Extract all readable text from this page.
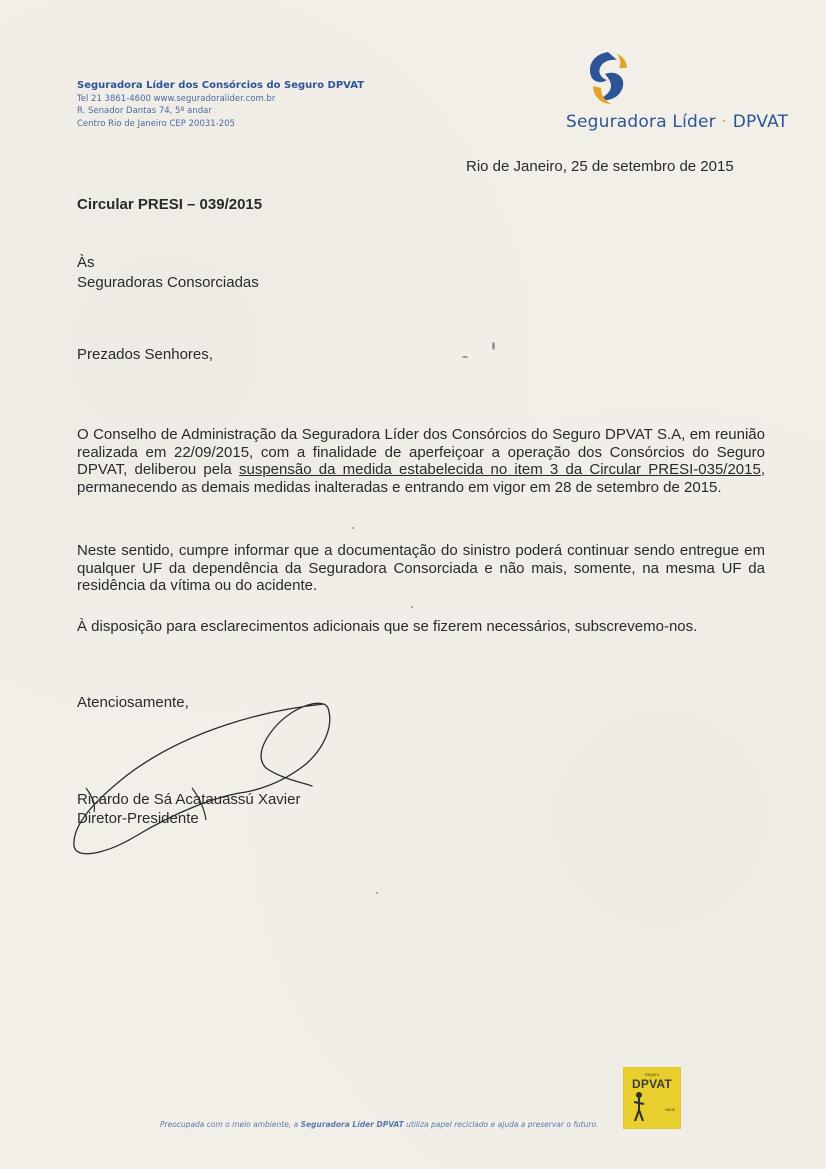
Seguradora Líder dos Consórcios do Seguro DPVAT
Tel 21 3861-4600 www.seguradoralider.com.br
R. Senador Dantas 74, 5º andar
Centro Rio de Janeiro CEP 20031-205	Seguradora Líder · DPVAT
Rio de Janeiro, 25 de setembro de 2015
Circular PRESI – 039/2015
Às
Seguradoras Consorciadas
Prezados Senhores,
O Conselho de Administração da Seguradora Líder dos Consórcios do Seguro DPVAT S.A, em reunião realizada em 22/09/2015, com a finalidade de aperfeiçoar a operação dos Consórcios do Seguro DPVAT, deliberou pela suspensão da medida estabelecida no item 3 da Circular PRESI-035/2015, permanecendo as demais medidas inalteradas e entrando em vigor em 28 de setembro de 2015.
Neste sentido, cumpre informar que a documentação do sinistro poderá continuar sendo entregue em qualquer UF da dependência da Seguradora Consorciada e não mais, somente, na mesma UF da residência da vítima ou do acidente.
À disposição para esclarecimentos adicionais que se fizerem necessários, subscrevemo-nos.
Atenciosamente,
Ricardo de Sá Acatauassú Xavier
Diretor-Presidente
Preocupada com o meio ambiente, a Seguradora Líder DPVAT utiliza papel reciclado e ajuda a preservar o futuro.
Seguro
DPVAT
anos
